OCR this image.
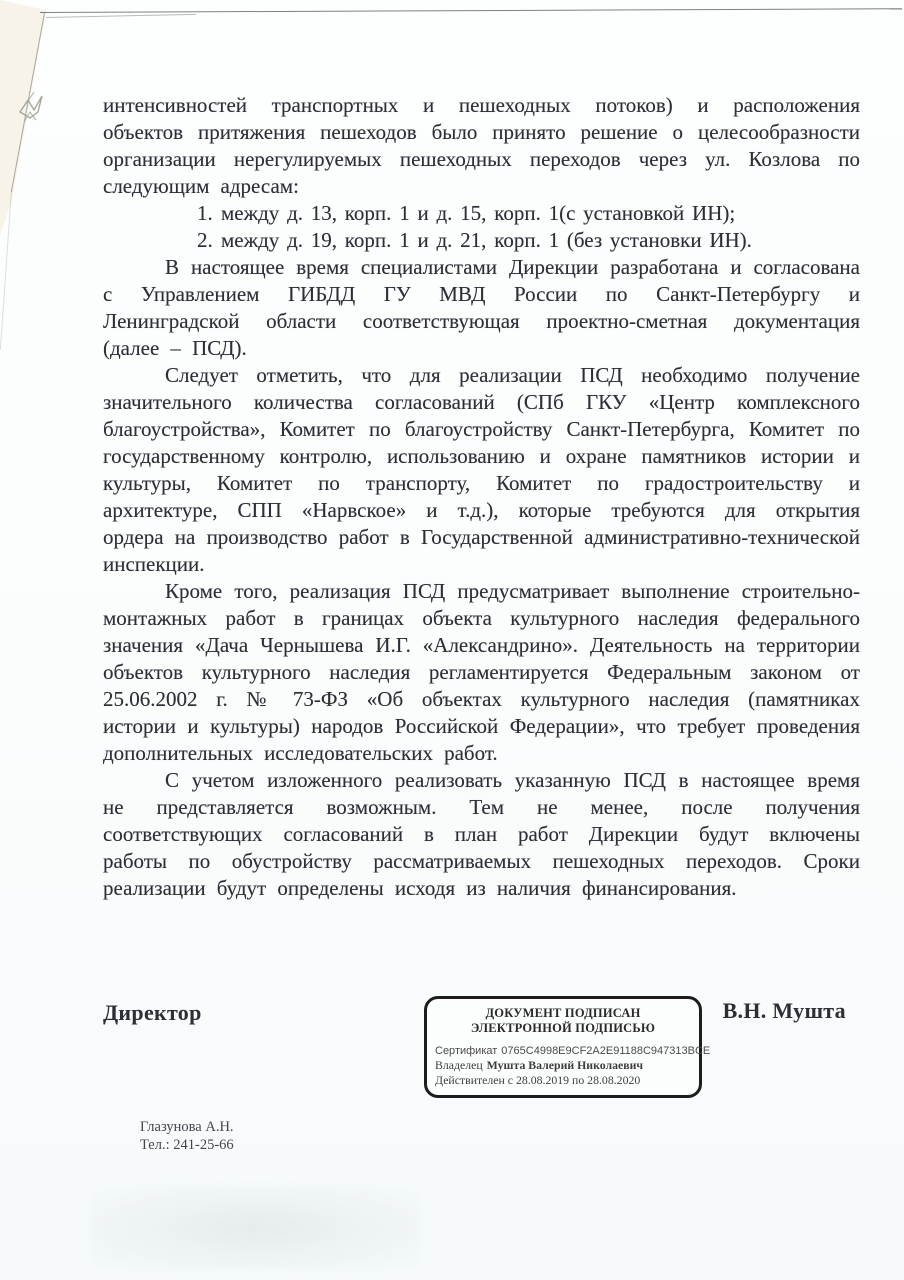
интенсивностей транспортных и пешеходных потоков) и расположения объектов притяжения пешеходов было принято решение о целесообразности организации нерегулируемых пешеходных переходов через ул. Козлова по следующим адресам:

1. между д. 13, корп. 1 и д. 15, корп. 1(с установкой ИН);
2. между д. 19, корп. 1 и д. 21, корп. 1 (без установки ИН).

В настоящее время специалистами Дирекции разработана и согласована с Управлением ГИБДД ГУ МВД России по Санкт-Петербургу и Ленинградской области соответствующая проектно-сметная документация (далее – ПСД).

Следует отметить, что для реализации ПСД необходимо получение значительного количества согласований (СПб ГКУ «Центр комплексного благоустройства», Комитет по благоустройству Санкт-Петербурга, Комитет по государственному контролю, использованию и охране памятников истории и культуры, Комитет по транспорту, Комитет по градостроительству и архитектуре, СПП «Нарвское» и т.д.), которые требуются для открытия ордера на производство работ в Государственной административно-технической инспекции.

Кроме того, реализация ПСД предусматривает выполнение строительно-монтажных работ в границах объекта культурного наследия федерального значения «Дача Чернышева И.Г. «Александрино». Деятельность на территории объектов культурного наследия регламентируется Федеральным законом от 25.06.2002 г. № 73-ФЗ «Об объектах культурного наследия (памятниках истории и культуры) народов Российской Федерации», что требует проведения дополнительных исследовательских работ.

С учетом изложенного реализовать указанную ПСД в настоящее время не представляется возможным. Тем не менее, после получения соответствующих согласований в план работ Дирекции будут включены работы по обустройству рассматриваемых пешеходных переходов. Сроки реализации будут определены исходя из наличия финансирования.

Директор	ДОКУМЕНТ ПОДПИСАН
ЭЛЕКТРОННОЙ ПОДПИСЬЮ
Сертификат 0765C4998E9CF2A2E91188C947313BCE
Владелец Мушта Валерий Николаевич
Действителен с 28.08.2019 по 28.08.2020
В.Н. Мушта
Глазунова А.Н.
Тел.: 241-25-66
